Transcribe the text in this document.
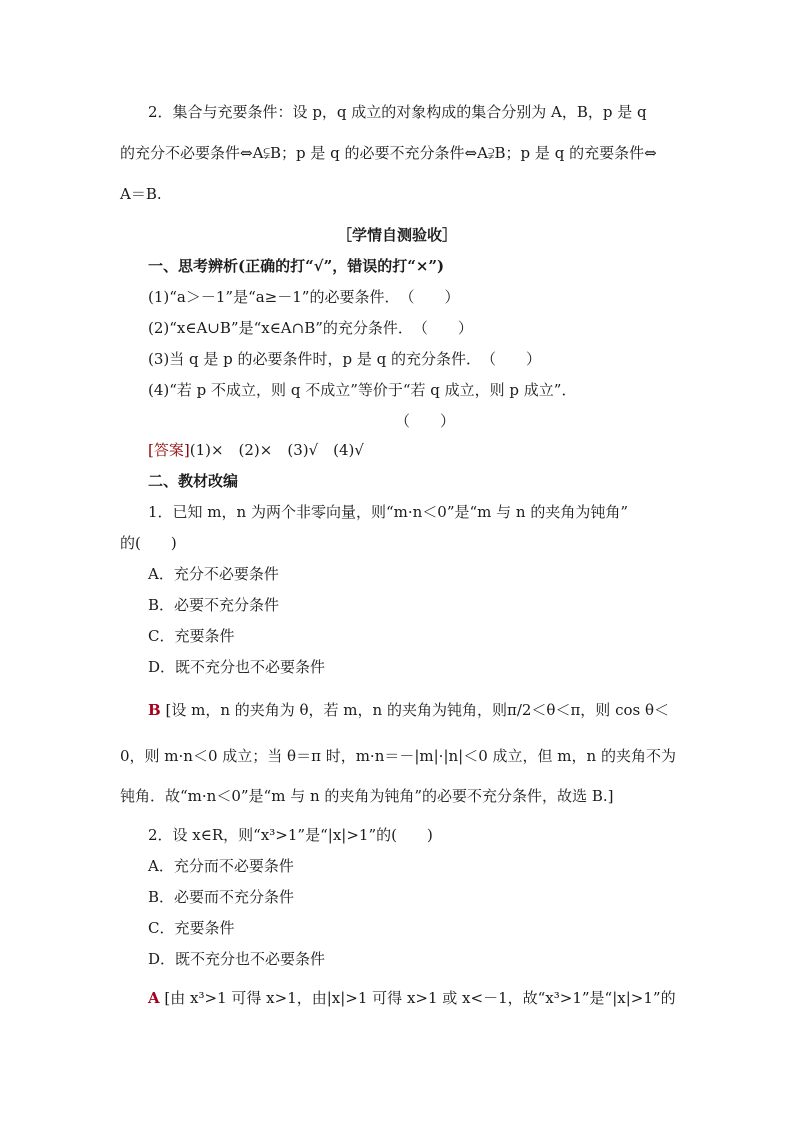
2．集合与充要条件：设 p，q 成立的对象构成的集合分别为 A，B，p 是 q
的充分不必要条件⇔A⫋B；p 是 q 的必要不充分条件⇔A⫌B；p 是 q 的充要条件⇔
A＝B.
［学情自测验收］
一、思考辨析(正确的打“√”，错误的打“×”)
(1)“a＞－1”是“a≥－1”的必要条件．　（　　）
(2)“x∈A∪B”是“x∈A∩B”的充分条件．　（　　）
(3)当 q 是 p 的必要条件时，p 是 q 的充分条件．　（　　）
(4)“若 p 不成立，则 q 不成立”等价于“若 q 成立，则 p 成立”．
（　　）
[答案](1)×　(2)×　(3)√　(4)√
二、教材改编
1．已知 m，n 为两个非零向量，则“m·n＜0”是“m 与 n 的夹角为钝角”
的(　　)
A．充分不必要条件
B．必要不充分条件
C．充要条件
D．既不充分也不必要条件
B [设 m，n 的夹角为 θ，若 m，n 的夹角为钝角，则π/2＜θ＜π，则 cos θ＜
0，则 m·n＜0 成立；当 θ＝π 时，m·n＝－|m|·|n|＜0 成立，但 m，n 的夹角不为
钝角．故“m·n＜0”是“m 与 n 的夹角为钝角”的必要不充分条件，故选 B.]
2．设 x∈R，则“x³>1”是“|x|>1”的(　　)
A．充分而不必要条件
B．必要而不充分条件
C．充要条件
D．既不充分也不必要条件
A [由 x³>1 可得 x>1，由|x|>1 可得 x>1 或 x<－1，故“x³>1”是“|x|>1”的
